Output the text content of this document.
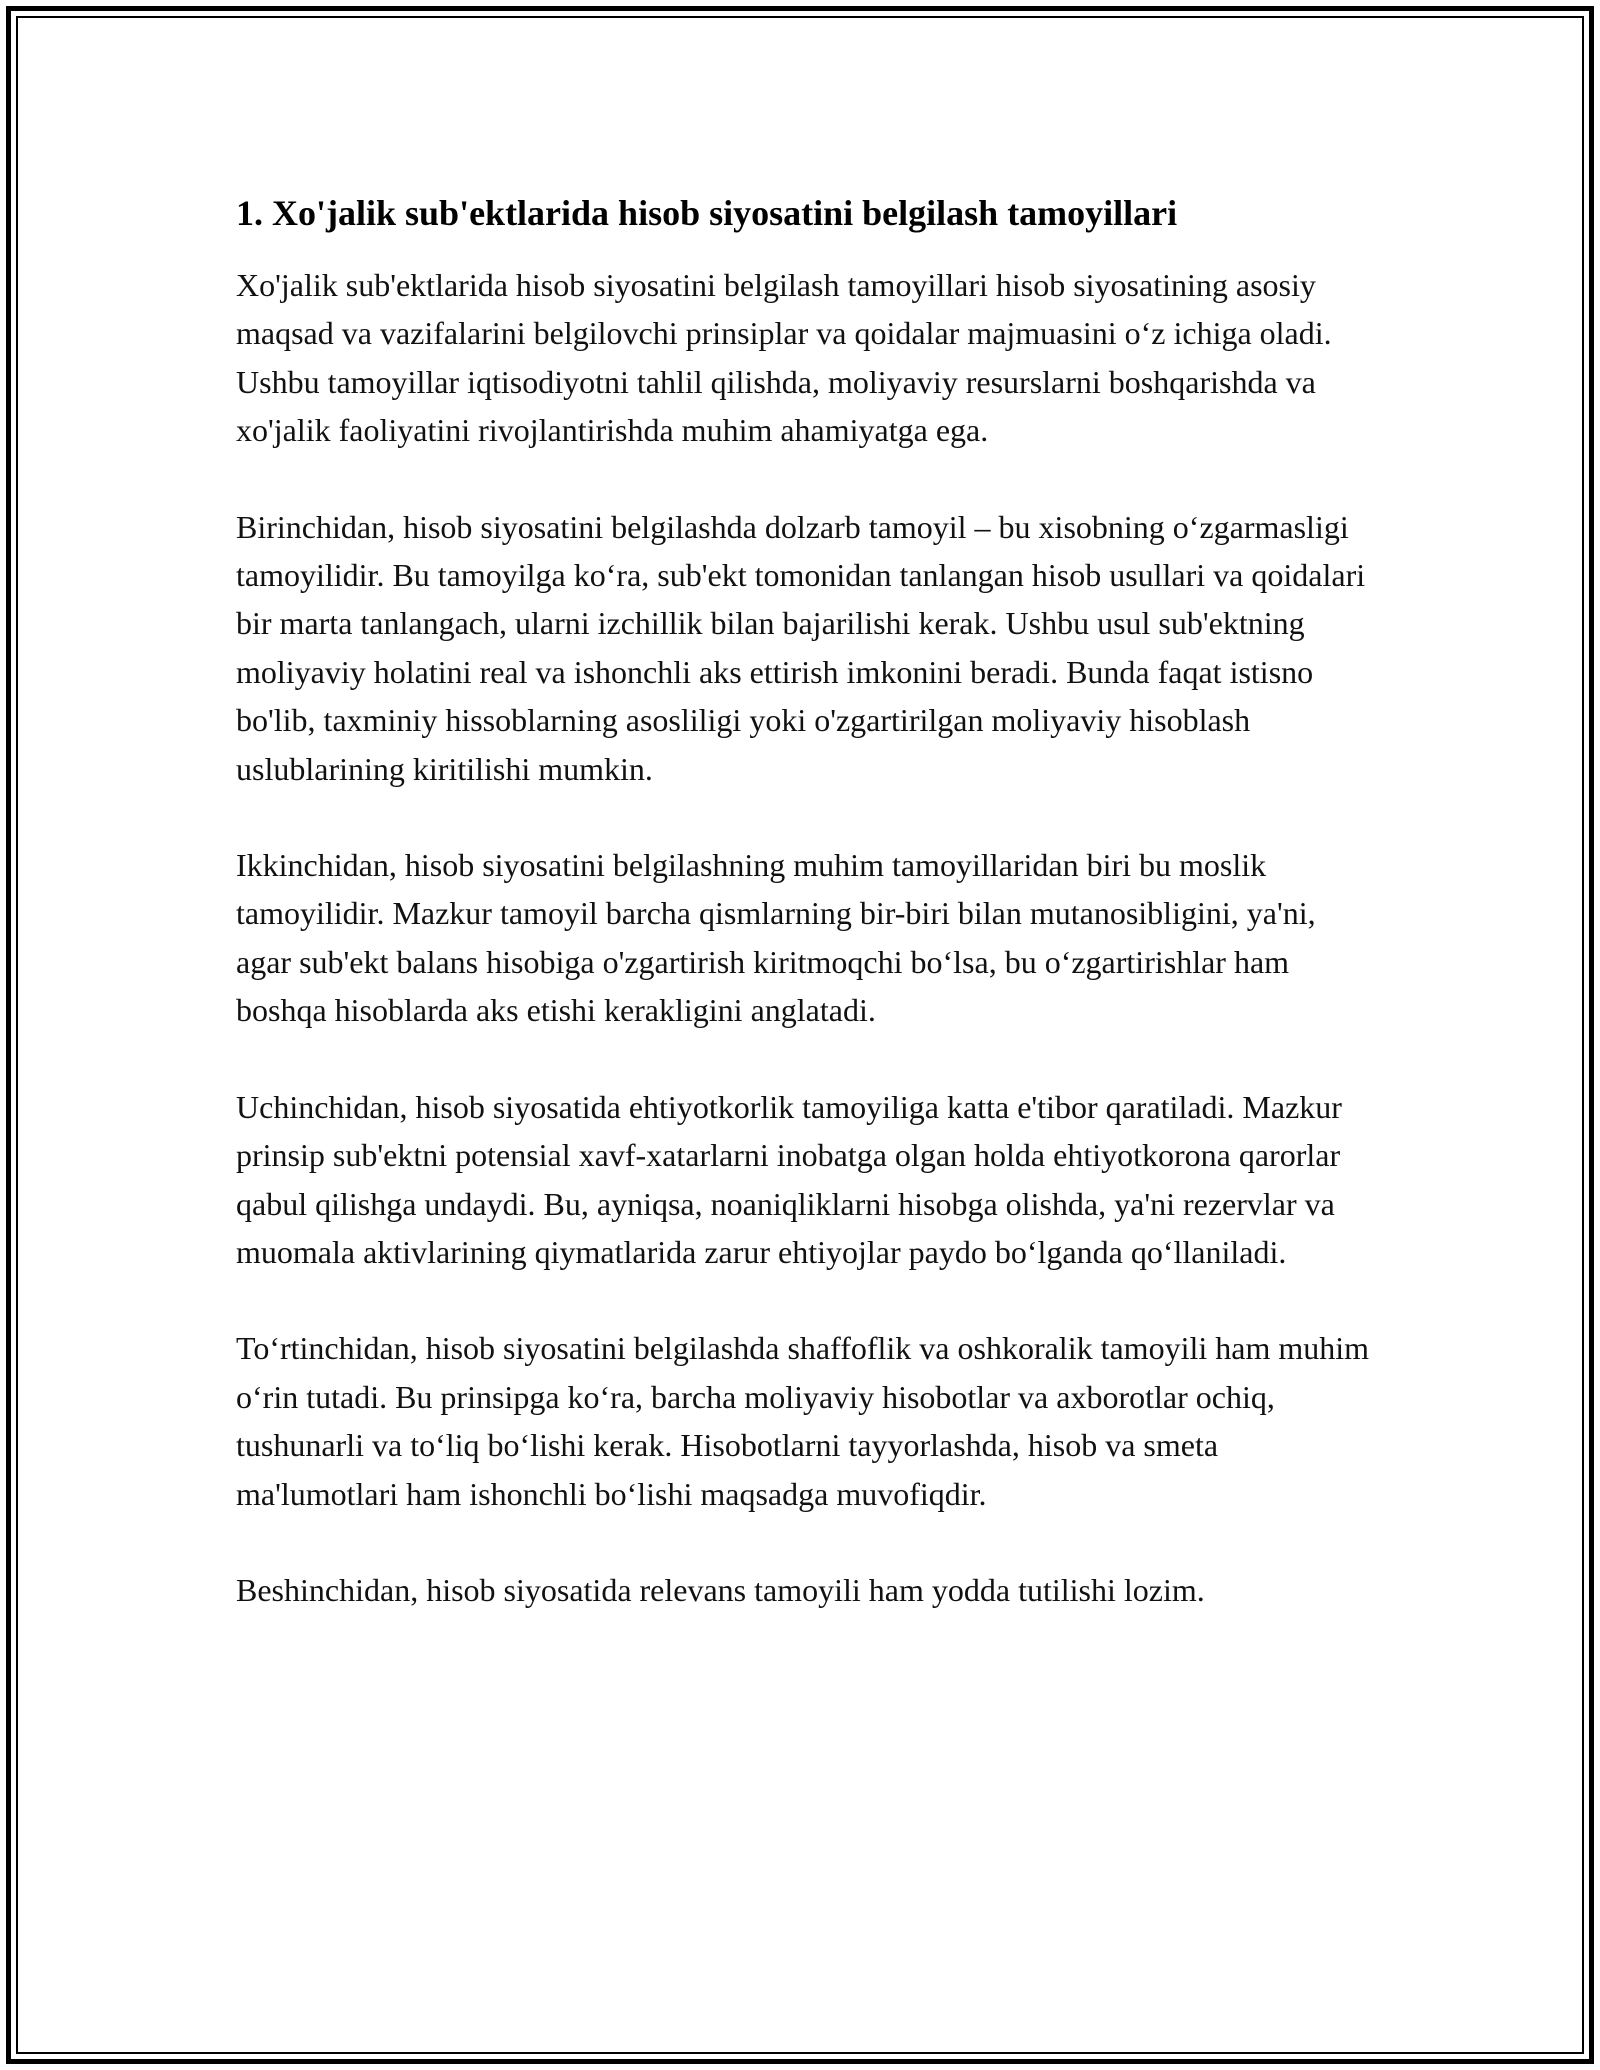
1. Xo'jalik sub'ektlarida hisob siyosatini belgilash tamoyillari

Xo'jalik sub'ektlarida hisob siyosatini belgilash tamoyillari hisob siyosatining asosiy maqsad va vazifalarini belgilovchi prinsiplar va qoidalar majmuasini oʻz ichiga oladi. Ushbu tamoyillar iqtisodiyotni tahlil qilishda, moliyaviy resurslarni boshqarishda va xo'jalik faoliyatini rivojlantirishda muhim ahamiyatga ega.

Birinchidan, hisob siyosatini belgilashda dolzarb tamoyil – bu xisobning oʻzgarmasligi tamoyilidir. Bu tamoyilga koʻra, sub'ekt tomonidan tanlangan hisob usullari va qoidalari bir marta tanlangach, ularni izchillik bilan bajarilishi kerak. Ushbu usul sub'ektning moliyaviy holatini real va ishonchli aks ettirish imkonini beradi. Bunda faqat istisno bo'lib, taxminiy hissoblarning asosliligi yoki o'zgartirilgan moliyaviy hisoblash uslublarining kiritilishi mumkin.

Ikkinchidan, hisob siyosatini belgilashning muhim tamoyillaridan biri bu moslik tamoyilidir. Mazkur tamoyil barcha qismlarning bir-biri bilan mutanosibligini, ya'ni, agar sub'ekt balans hisobiga o'zgartirish kiritmoqchi boʻlsa, bu oʻzgartirishlar ham boshqa hisoblarda aks etishi kerakligini anglatadi.

Uchinchidan, hisob siyosatida ehtiyotkorlik tamoyiliga katta e'tibor qaratiladi. Mazkur prinsip sub'ektni potensial xavf-xatarlarni inobatga olgan holda ehtiyotkorona qarorlar qabul qilishga undaydi. Bu, ayniqsa, noaniqliklarni hisobga olishda, ya'ni rezervlar va muomala aktivlarining qiymatlarida zarur ehtiyojlar paydo boʻlganda qoʻllaniladi.

Toʻrtinchidan, hisob siyosatini belgilashda shaffoflik va oshkoralik tamoyili ham muhim oʻrin tutadi. Bu prinsipga koʻra, barcha moliyaviy hisobotlar va axborotlar ochiq, tushunarli va toʻliq boʻlishi kerak. Hisobotlarni tayyorlashda, hisob va smeta ma'lumotlari ham ishonchli boʻlishi maqsadga muvofiqdir.

Beshinchidan, hisob siyosatida relevans tamoyili ham yodda tutilishi lozim.
